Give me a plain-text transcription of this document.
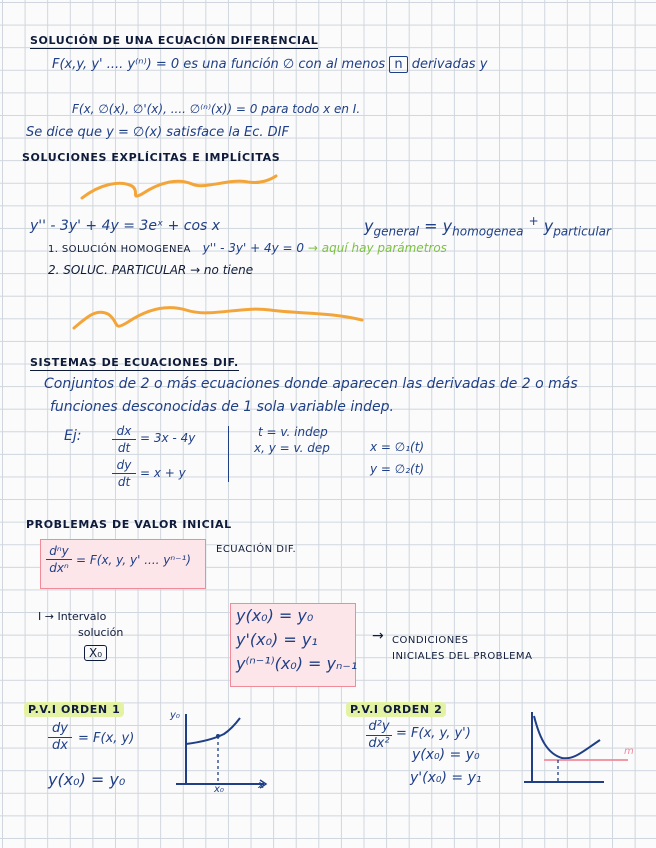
SOLUCIÓN DE UNA ECUACIÓN DIFERENCIAL
F(x,y, y' .... y⁽ⁿ⁾) = 0 es una función ∅ con al menos n derivadas y
F(x, ∅(x), ∅'(x), .... ∅⁽ⁿ⁾(x)) = 0 para todo x en I.
Se dice que y = ∅(x) satisface la Ec. DIF
SOLUCIONES EXPLÍCITAS E IMPLÍCITAS
y'' - 3y' + 4y = 3eˣ + cos x	$y_{general} = y_{homogenea}$ + $y_{particular}$
1. SOLUCIÓN HOMOGENEA y'' - 3y' + 4y = 0 → aquí hay parámetros
2. SOLUC. PARTICULAR → no tiene
SISTEMAS DE ECUACIONES DIF.
Conjuntos de 2 o más ecuaciones donde aparecen las derivadas de 2 o más
funciones desconocidas de 1 sola variable indep.
Ej:	dx
dt
= 3x - 4y
dy
dt
= x + y
t = v. indep
x, y = v. dep	x = ∅₁(t)
y = ∅₂(t)
PROBLEMAS DE VALOR INICIAL
dⁿy
dxⁿ
= F(x, y, y' .... yⁿ⁻¹)
ECUACIÓN DIF.
I → Intervalo
solución
X₀
y(x₀) = y₀
y'(x₀) = y₁
y⁽ⁿ⁻¹⁾(x₀) = yₙ₋₁
→ CONDICIONES
INICIALES DEL PROBLEMA
P.V.I ORDEN 1
dy
dx = F(x, y)
y(x₀) = y₀
y₀
x₀	x
P.V.I ORDEN 2
d²y
dx²
= F(x, y, y')
y(x₀) = y₀
y'(x₀) = y₁
m
